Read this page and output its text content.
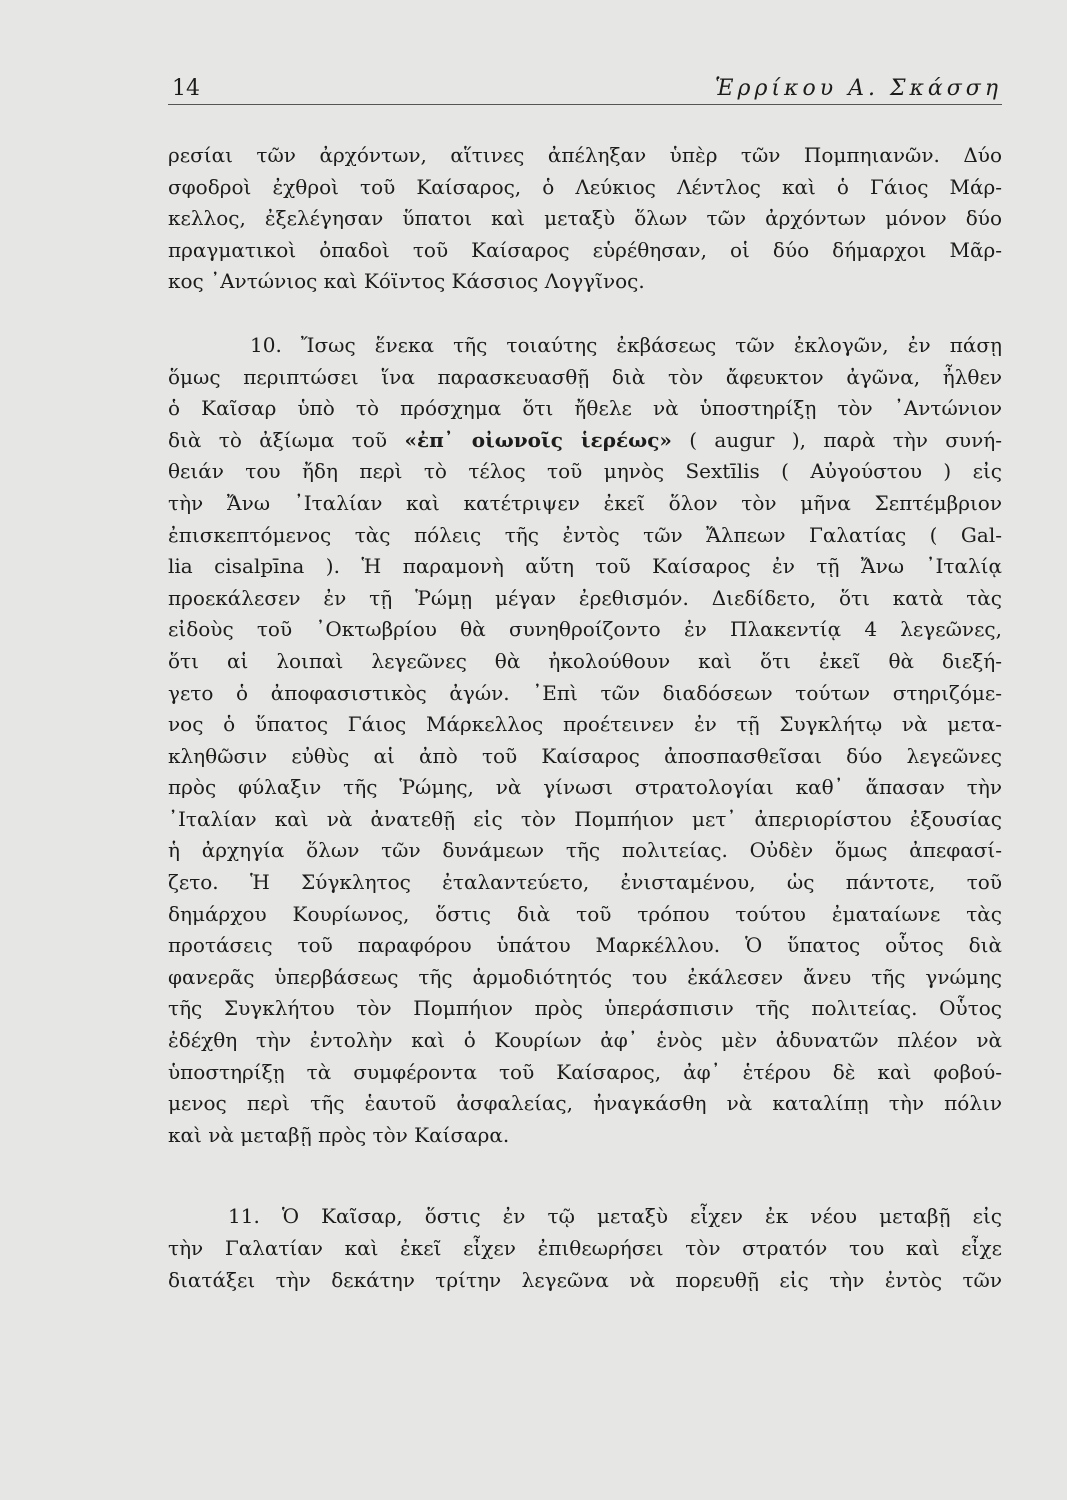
14	Ἑρρίκου Α. Σκάσση
ρεσίαι τῶν ἀρχόντων, αἵτινες ἀπέληξαν ὑπὲρ τῶν Πομπηιανῶν. Δύο
σφοδροὶ ἐχθροὶ τοῦ Καίσαρος, ὁ Λεύκιος Λέντλος καὶ ὁ Γάιος Μάρ-
κελλος, ἐξελέγησαν ὕπατοι καὶ μεταξὺ ὅλων τῶν ἀρχόντων μόνον δύο
πραγματικοὶ ὀπαδοὶ τοῦ Καίσαρος εὑρέθησαν, οἱ δύο δήμαρχοι Μᾶρ-
κος ᾿Αντώνιος καὶ Κόϊντος Κάσσιος Λογγῖνος.
10. Ἴσως ἕνεκα τῆς τοιαύτης ἐκβάσεως τῶν ἐκλογῶν, ἐν πάσῃ
ὅμως περιπτώσει ἵνα παρασκευασθῇ διὰ τὸν ἄφευκτον ἀγῶνα, ἦλθεν
ὁ Καῖσαρ ὑπὸ τὸ πρόσχημα ὅτι ἤθελε νὰ ὑποστηρίξῃ τὸν ᾿Αντώνιον
διὰ τὸ ἀξίωμα τοῦ «ἐπ᾿ οἰωνοῖς ἱερέως» ( augur ), παρὰ τὴν συνή-
θειάν του ἤδη περὶ τὸ τέλος τοῦ μηνὸς Sextīlis ( Αὐγούστου ) εἰς
τὴν Ἄνω ᾿Ιταλίαν καὶ κατέτριψεν ἐκεῖ ὅλον τὸν μῆνα Σεπτέμβριον
ἐπισκεπτόμενος τὰς πόλεις τῆς ἐντὸς τῶν Ἄλπεων Γαλατίας ( Gal-
lia cisalpīna ). Ἡ παραμονὴ αὕτη τοῦ Καίσαρος ἐν τῇ Ἄνω ᾿Ιταλίᾳ
προεκάλεσεν ἐν τῇ Ῥώμῃ μέγαν ἐρεθισμόν. Διεδίδετο, ὅτι κατὰ τὰς
εἰδοὺς τοῦ ᾿Οκτωβρίου θὰ συνηθροίζοντο ἐν Πλακεντίᾳ 4 λεγεῶνες,
ὅτι αἱ λοιπαὶ λεγεῶνες θὰ ἠκολούθουν καὶ ὅτι ἐκεῖ θὰ διεξή-
γετο ὁ ἀποφασιστικὸς ἀγών. ᾿Επὶ τῶν διαδόσεων τούτων στηριζόμε-
νος ὁ ὕπατος Γάιος Μάρκελλος προέτεινεν ἐν τῇ Συγκλήτῳ νὰ μετα-
κληθῶσιν εὐθὺς αἱ ἀπὸ τοῦ Καίσαρος ἀποσπασθεῖσαι δύο λεγεῶνες
πρὸς φύλαξιν τῆς Ῥώμης, νὰ γίνωσι στρατολογίαι καθ᾿ ἅπασαν τὴν
᾿Ιταλίαν καὶ νὰ ἀνατεθῇ εἰς τὸν Πομπήιον μετ᾿ ἀπεριορίστου ἐξουσίας
ἡ ἀρχηγία ὅλων τῶν δυνάμεων τῆς πολιτείας. Οὐδὲν ὅμως ἀπεφασί-
ζετο. Ἡ Σύγκλητος ἐταλαντεύετο, ἐνισταμένου, ὡς πάντοτε, τοῦ
δημάρχου Κουρίωνος, ὅστις διὰ τοῦ τρόπου τούτου ἐματαίωνε τὰς
προτάσεις τοῦ παραφόρου ὑπάτου Μαρκέλλου. Ὁ ὕπατος οὗτος διὰ
φανερᾶς ὑπερβάσεως τῆς ἁρμοδιότητός του ἐκάλεσεν ἄνευ τῆς γνώμης
τῆς Συγκλήτου τὸν Πομπήιον πρὸς ὑπεράσπισιν τῆς πολιτείας. Οὗτος
ἐδέχθη τὴν ἐντολὴν καὶ ὁ Κουρίων ἀφ᾿ ἑνὸς μὲν ἀδυνατῶν πλέον νὰ
ὑποστηρίξῃ τὰ συμφέροντα τοῦ Καίσαρος, ἀφ᾿ ἑτέρου δὲ καὶ φοβού-
μενος περὶ τῆς ἑαυτοῦ ἀσφαλείας, ἠναγκάσθη νὰ καταλίπῃ τὴν πόλιν
καὶ νὰ μεταβῇ πρὸς τὸν Καίσαρα.
11. Ὁ Καῖσαρ, ὅστις ἐν τῷ μεταξὺ εἶχεν ἐκ νέου μεταβῇ εἰς
τὴν Γαλατίαν καὶ ἐκεῖ εἶχεν ἐπιθεωρήσει τὸν στρατόν του καὶ εἶχε
διατάξει τὴν δεκάτην τρίτην λεγεῶνα νὰ πορευθῇ εἰς τὴν ἐντὸς τῶν
